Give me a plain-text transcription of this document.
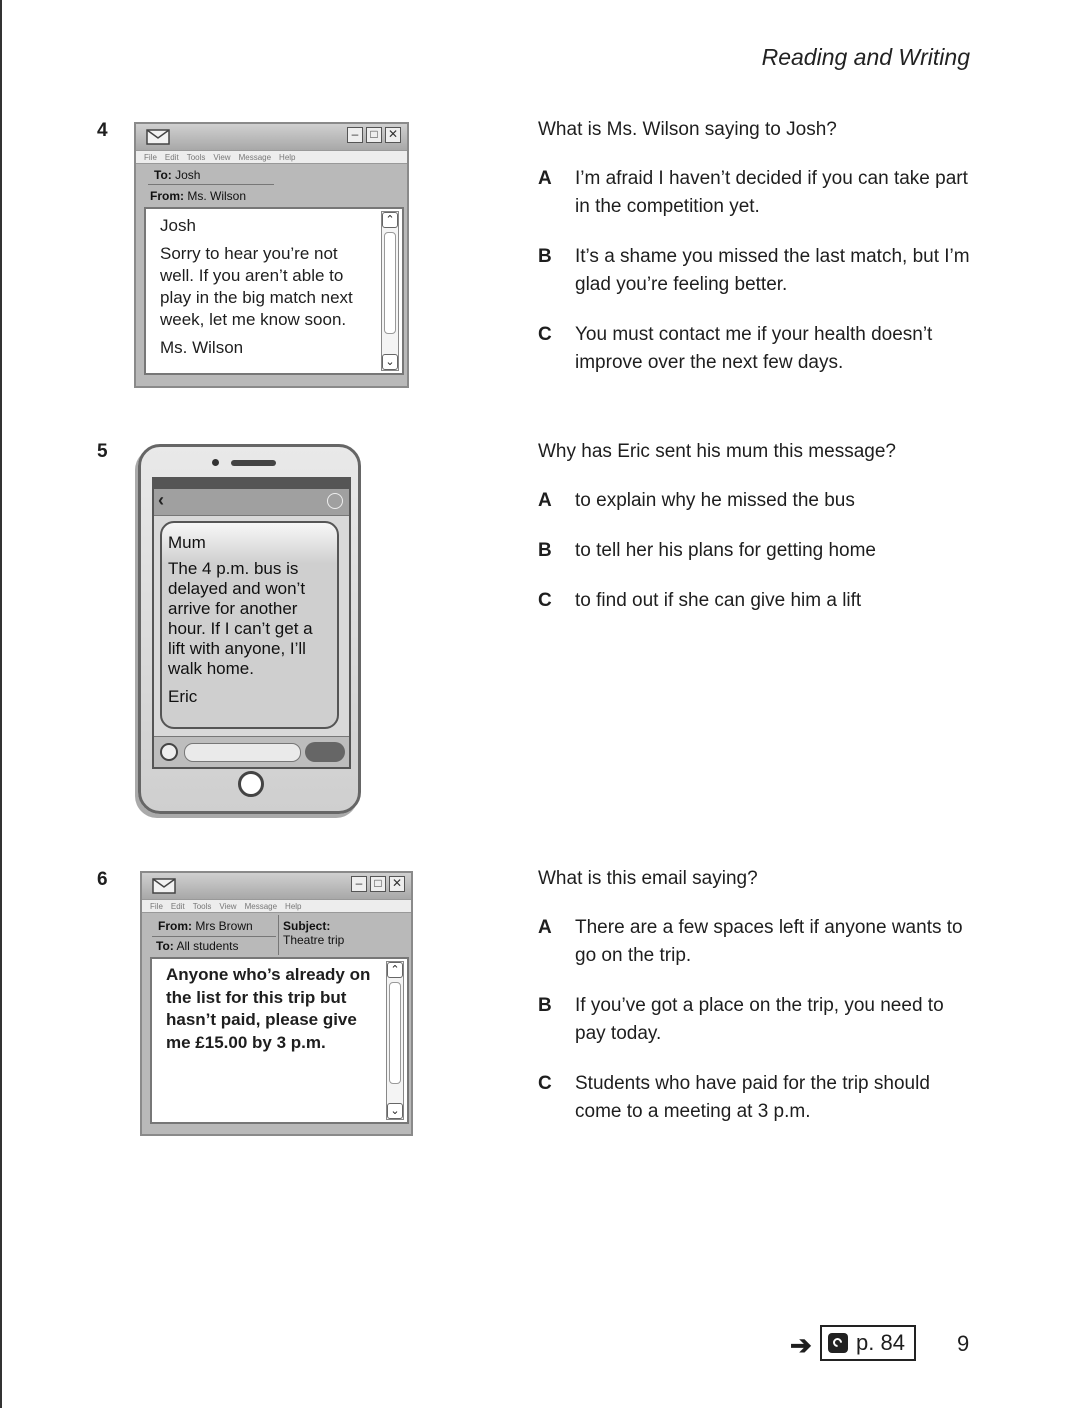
Reading and Writing
4	–	□ ✕
File Edit Tools View Message Help
To: Josh
From: Ms. Wilson
Josh
Sorry to hear you’re not well. If you aren’t able to play in the big match next week, let me know soon.
Ms. Wilson
⌃
⌄

What is Ms. Wilson saying to Josh?

A	I’m afraid I haven’t decided if you can take part in the competition yet.
B	It’s a shame you missed the last match, but I’m glad you’re feeling better.
C	You must contact me if your health doesn’t improve over the next few days.
5
‹
Mum
The 4 p.m. bus is delayed and won’t arrive for another hour. If I can’t get a lift with anyone, I’ll walk home.
Eric

Why has Eric sent his mum this message?

A	to explain why he missed the bus
B	to tell her his plans for getting home
C	to find out if she can give him a lift
6	–	□ ✕
File Edit Tools View Message Help
From: Mrs Brown
To: All students
Subject:
Theatre trip
Anyone who’s already on the list for this trip but hasn’t paid, please give me £15.00 by 3 p.m.
⌃
⌄

What is this email saying?

A	There are a few spaces left if anyone wants to go on the trip.
B	If you’ve got a place on the trip, you need to pay today.
C	Students who have paid for the trip should come to a meeting at 3 p.m.
➔ p. 84 9
